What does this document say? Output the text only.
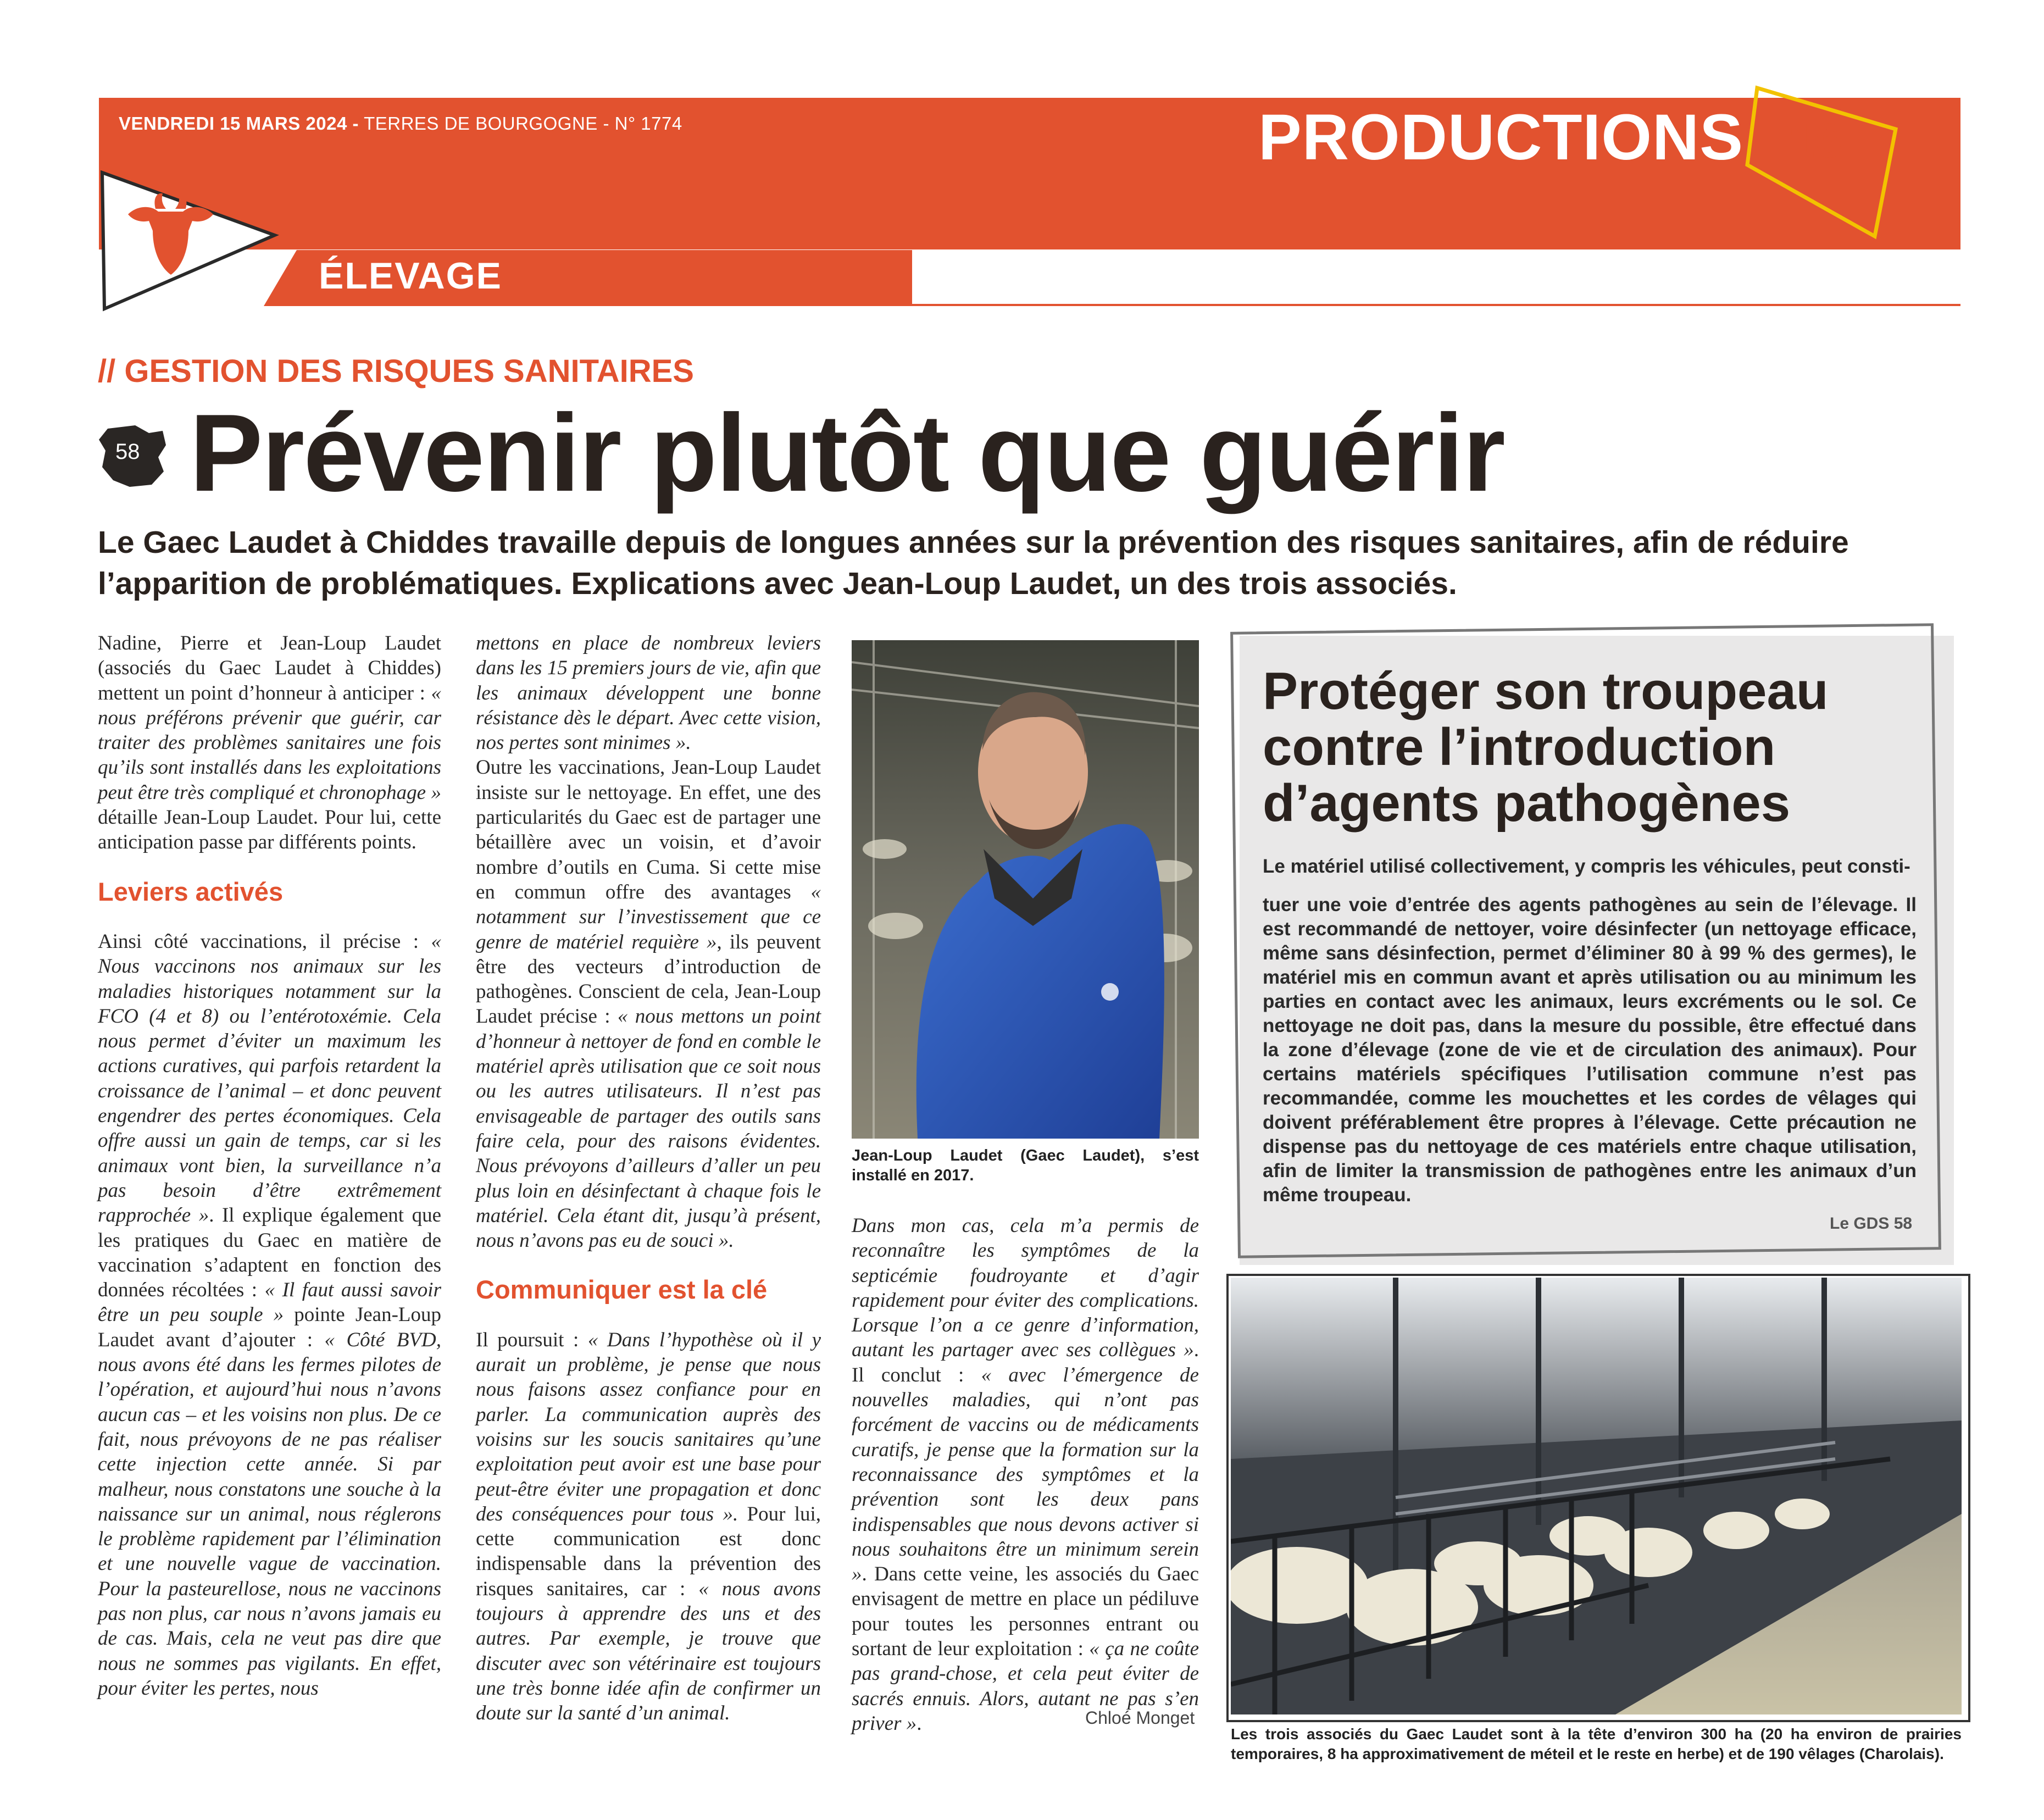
VENDREDI 15 MARS 2024 - TERRES DE BOURGOGNE - N° 1774	PRODUCTIONS .16
ÉLEVAGE
// GESTION DES RISQUES SANITAIRES
58 Prévenir plutôt que guérir
Le Gaec Laudet à Chiddes travaille depuis de longues années sur la prévention des risques sanitaires, afin de réduire l’apparition de problématiques. Explications avec Jean-Loup Laudet, un des trois associés.

Nadine, Pierre et Jean-Loup Laudet (associés du Gaec Laudet à Chiddes) mettent un point d’honneur à anticiper : « nous préférons prévenir que guérir, car traiter des problèmes sanitaires une fois qu’ils sont installés dans les exploitations peut être très compliqué et chronophage » détaille Jean-Loup Laudet. Pour lui, cette anticipation passe par différents points.

Leviers activés

Ainsi côté vaccinations, il précise : « Nous vaccinons nos animaux sur les maladies historiques notamment sur la FCO (4 et 8) ou l’entérotoxémie. Cela nous permet d’éviter un maximum les actions curatives, qui parfois retardent la croissance de l’animal – et donc peuvent engendrer des pertes économiques. Cela offre aussi un gain de temps, car si les animaux vont bien, la surveillance n’a pas besoin d’être extrêmement rapprochée ». Il explique également que les pratiques du Gaec en matière de vaccination s’adaptent en fonction des données récoltées : « Il faut aussi savoir être un peu souple » pointe Jean-Loup Laudet avant d’ajouter : « Côté BVD, nous avons été dans les fermes pilotes de l’opération, et aujourd’hui nous n’avons aucun cas – et les voisins non plus. De ce fait, nous prévoyons de ne pas réaliser cette injection cette année. Si par malheur, nous constatons une souche à la naissance sur un animal, nous réglerons le problème rapidement par l’élimination et une nouvelle vague de vaccination. Pour la pasteurellose, nous ne vaccinons pas non plus, car nous n’avons jamais eu de cas. Mais, cela ne veut pas dire que nous ne sommes pas vigilants. En effet, pour éviter les pertes, nous

mettons en place de nombreux leviers dans les 15 premiers jours de vie, afin que les animaux développent une bonne résistance dès le départ. Avec cette vision, nos pertes sont minimes ».

Outre les vaccinations, Jean-Loup Laudet insiste sur le nettoyage. En effet, une des particularités du Gaec est de partager une bétaillère avec un voisin, et d’avoir nombre d’outils en Cuma. Si cette mise en commun offre des avantages « notamment sur l’investissement que ce genre de matériel requière », ils peuvent être des vecteurs d’introduction de pathogènes. Conscient de cela, Jean-Loup Laudet précise : « nous mettons un point d’honneur à nettoyer de fond en comble le matériel après utilisation que ce soit nous ou les autres utilisateurs. Il n’est pas envisageable de partager des outils sans faire cela, pour des raisons évidentes. Nous prévoyons d’ailleurs d’aller un peu plus loin en désinfectant à chaque fois le matériel. Cela étant dit, jusqu’à présent, nous n’avons pas eu de souci ».

Communiquer est la clé

Il poursuit : « Dans l’hypothèse où il y aurait un problème, je pense que nous nous faisons assez confiance pour en parler. La communication auprès des voisins sur les soucis sanitaires qu’une exploitation peut avoir est une base pour peut-être éviter une propagation et donc des conséquences pour tous ». Pour lui, cette communication est donc indispensable dans la prévention des risques sanitaires, car : « nous avons toujours à apprendre des uns et des autres. Par exemple, je trouve que discuter avec son vétérinaire est toujours une très bonne idée afin de confirmer un doute sur la santé d’un animal.

Jean-Loup Laudet (Gaec Laudet), s’est installé en 2017.

Dans mon cas, cela m’a permis de reconnaître les symptômes de la septicémie foudroyante et d’agir rapidement pour éviter des complications. Lorsque l’on a ce genre d’information, autant les partager avec ses collègues ». Il conclut : « avec l’émergence de nouvelles maladies, qui n’ont pas forcément de vaccins ou de médicaments curatifs, je pense que la formation sur la reconnaissance des symptômes et la prévention sont les deux pans indispensables que nous devons activer si nous souhaitons être un minimum serein ». Dans cette veine, les associés du Gaec envisagent de mettre en place un pédiluve pour toutes les personnes entrant ou sortant de leur exploitation : « ça ne coûte pas grand-chose, et cela peut éviter de sacrés ennuis. Alors, autant ne pas s’en priver ».	Chloé Monget
Protéger son troupeau contre l’introduction d’agents pathogènes
Le matériel utilisé collectivement, y compris les véhicules, peut consti-
tuer une voie d’entrée des agents pathogènes au sein de l’élevage. Il est recommandé de nettoyer, voire désinfecter (un nettoyage efficace, même sans désinfection, permet d’éliminer 80 à 99 % des germes), le matériel mis en commun avant et après utilisation ou au minimum les parties en contact avec les animaux, leurs excréments ou le sol. Ce nettoyage ne doit pas, dans la mesure du possible, être effectué dans la zone d’élevage (zone de vie et de circulation des animaux). Pour certains matériels spécifiques l’utilisation commune n’est pas recommandée, comme les mouchettes et les cordes de vêlages qui doivent préférablement être propres à l’élevage. Cette précaution ne dispense pas du nettoyage de ces matériels entre chaque utilisation, afin de limiter la transmission de pathogènes entre les animaux d’un même troupeau.
Le GDS 58
Les trois associés du Gaec Laudet sont à la tête d’environ 300 ha (20 ha environ de prairies temporaires, 8 ha approximativement de méteil et le reste en herbe) et de 190 vêlages (Charolais).
